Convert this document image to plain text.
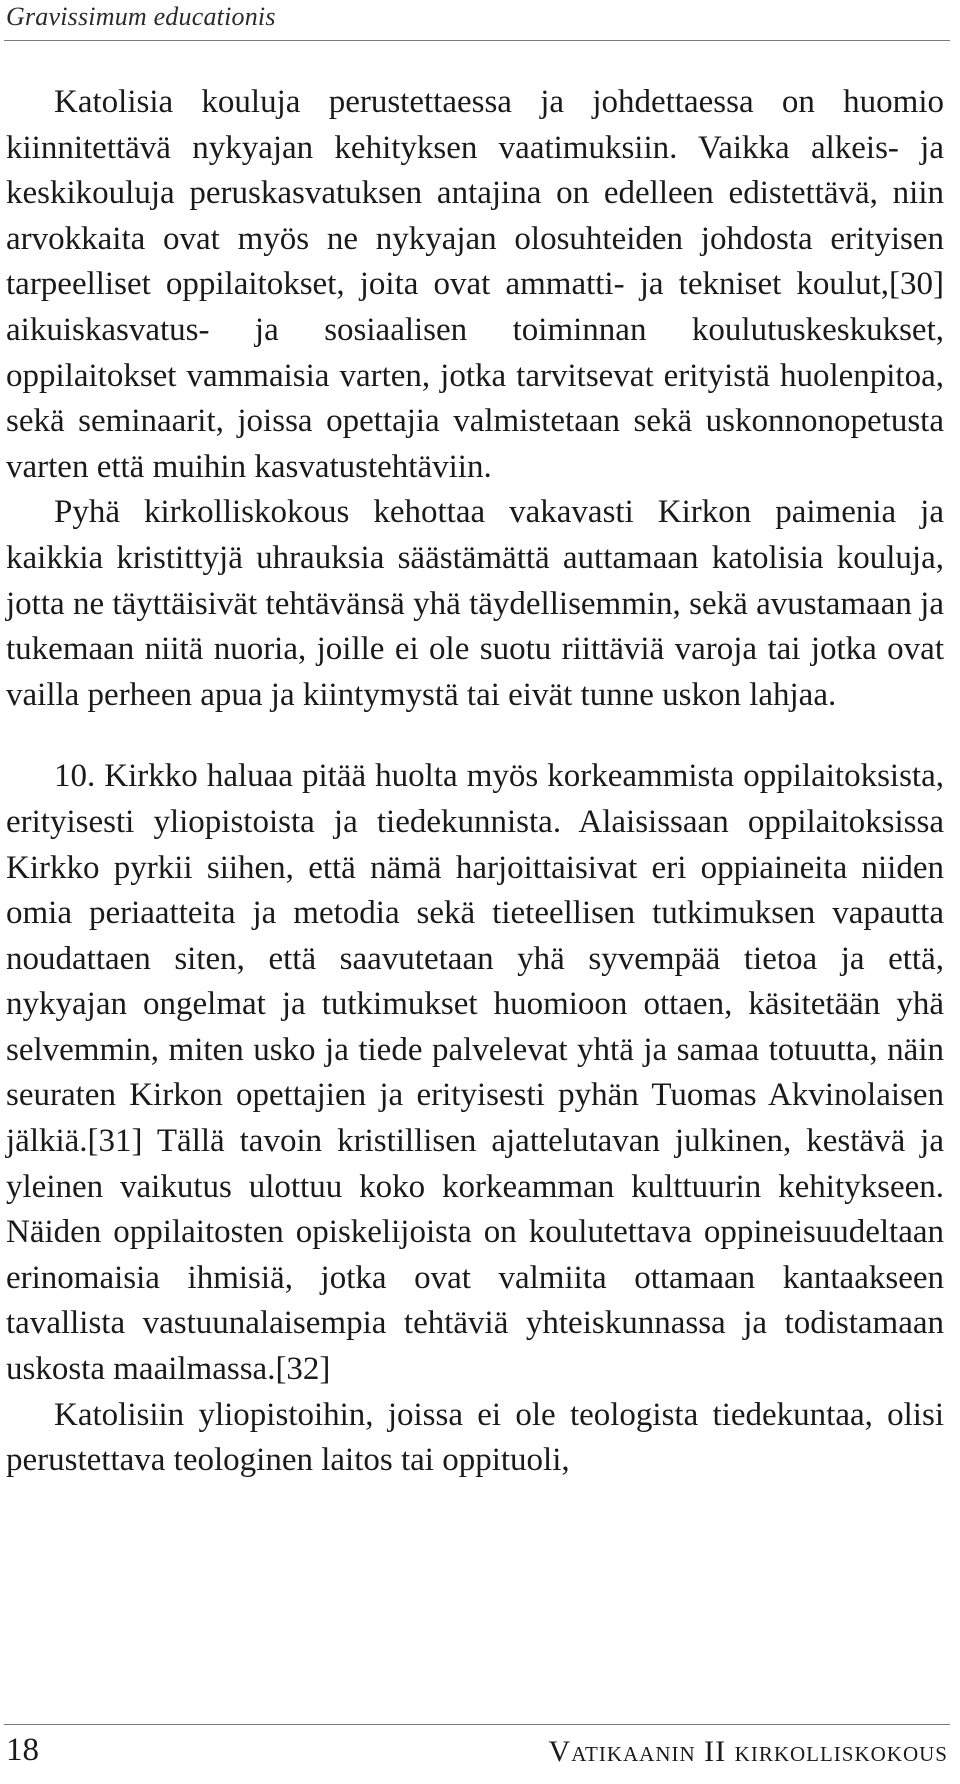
Gravissimum educationis

Katolisia kouluja perustettaessa ja johdettaessa on huomio kiinnitettävä nykyajan kehityksen vaatimuksiin. Vaikka alkeis- ja keskikouluja peruskasvatuksen antajina on edelleen edistettävä, niin arvokkaita ovat myös ne nykyajan olosuhteiden johdosta erityisen tarpeelliset oppilaitokset, joita ovat ammatti- ja tekniset koulut,[30] aikuiskasvatus- ja sosiaalisen toiminnan koulutuskeskukset, oppilaitokset vammaisia varten, jotka tarvitsevat erityistä huolenpitoa, sekä seminaarit, joissa opettajia valmistetaan sekä uskonnonopetusta varten että muihin kasvatustehtäviin.

Pyhä kirkolliskokous kehottaa vakavasti Kirkon paimenia ja kaikkia kristittyjä uhrauksia säästämättä auttamaan katolisia kouluja, jotta ne täyttäisivät tehtävänsä yhä täydellisemmin, sekä avustamaan ja tukemaan niitä nuoria, joille ei ole suotu riittäviä varoja tai jotka ovat vailla perheen apua ja kiintymystä tai eivät tunne uskon lahjaa.

10. Kirkko haluaa pitää huolta myös korkeammista oppilaitoksista, erityisesti yliopistoista ja tiedekunnista. Alaisissaan oppilaitoksissa Kirkko pyrkii siihen, että nämä harjoittaisivat eri oppiaineita niiden omia periaatteita ja metodia sekä tieteellisen tutkimuksen vapautta noudattaen siten, että saavutetaan yhä syvempää tietoa ja että, nykyajan ongelmat ja tutkimukset huomioon ottaen, käsitetään yhä selvemmin, miten usko ja tiede palvelevat yhtä ja samaa totuutta, näin seuraten Kirkon opettajien ja erityisesti pyhän Tuomas Akvinolaisen jälkiä.[31] Tällä tavoin kristillisen ajattelutavan julkinen, kestävä ja yleinen vaikutus ulottuu koko korkeamman kulttuurin kehitykseen. Näiden oppilaitosten opiskelijoista on koulutettava oppineisuudeltaan erinomaisia ihmisiä, jotka ovat valmiita ottamaan kantaakseen tavallista vastuunalaisempia tehtäviä yhteiskunnassa ja todistamaan uskosta maailmassa.[32]

Katolisiin yliopistoihin, joissa ei ole teologista tiedekuntaa, olisi perustettava teologinen laitos tai oppituoli,

18	Vatikaanin II kirkolliskokous
